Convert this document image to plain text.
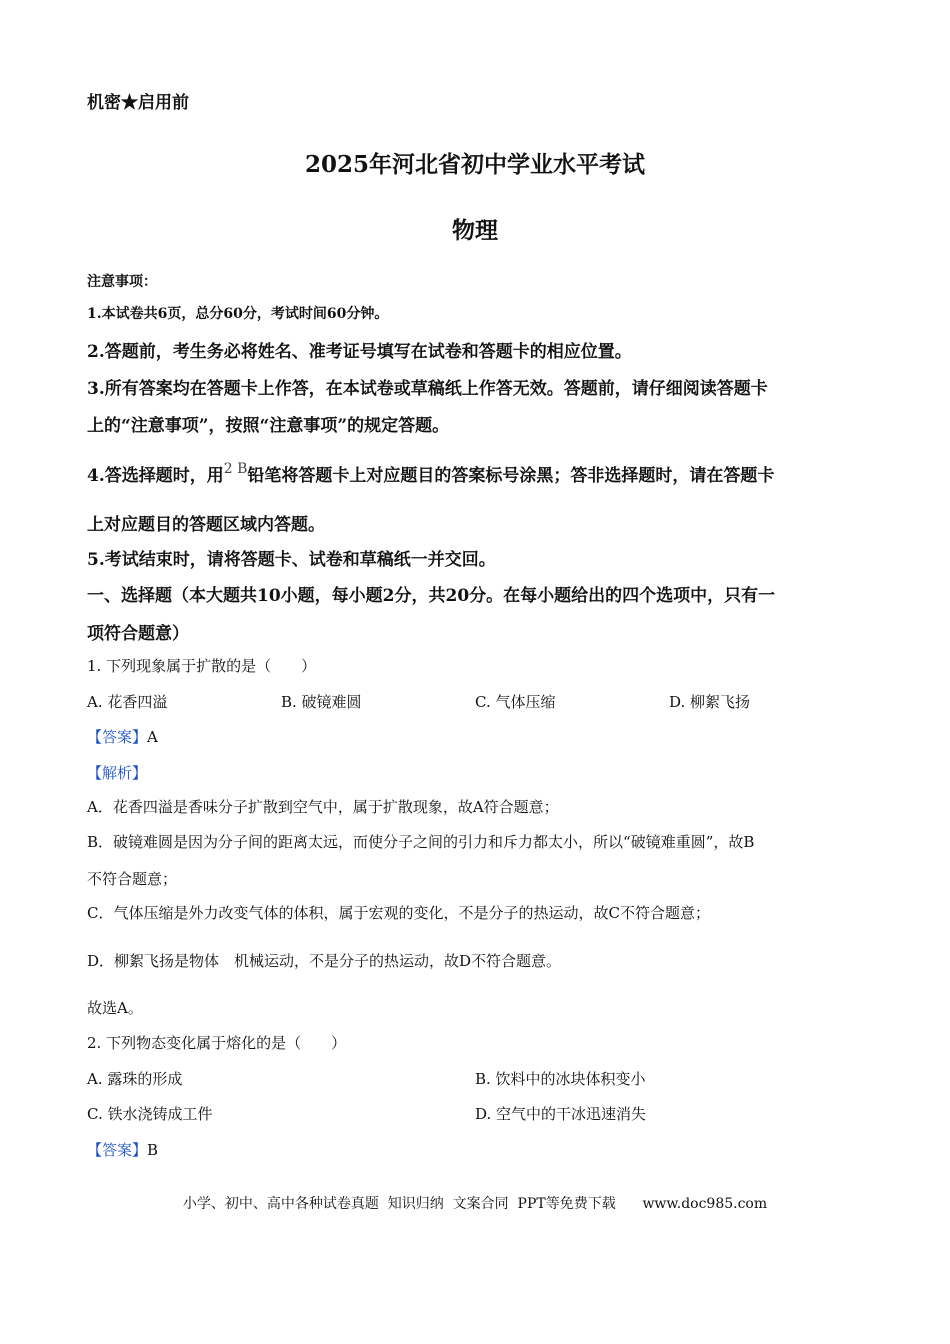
机密★启用前
2025年河北省初中学业水平考试
物理
注意事项：
1.本试卷共6页，总分60分，考试时间60分钟。
2.答题前，考生务必将姓名、准考证号填写在试卷和答题卡的相应位置。
3.所有答案均在答题卡上作答，在本试卷或草稿纸上作答无效。答题前，请仔细阅读答题卡
上的“注意事项”，按照“注意事项”的规定答题。
4.答选择题时，用$^{2 B}$铅笔将答题卡上对应题目的答案标号涂黑；答非选择题时，请在答题卡
上对应题目的答题区域内答题。
5.考试结束时，请将答题卡、试卷和草稿纸一并交回。
一、选择题（本大题共10小题，每小题2分，共20分。在每小题给出的四个选项中，只有一
项符合题意）
1. 下列现象属于扩散的是（　　）
A. 花香四溢	B. 破镜难圆	C. 气体压缩	D. 柳絮飞扬
【答案】A
【解析】
A．花香四溢是香味分子扩散到空气中，属于扩散现象，故A符合题意；
B．破镜难圆是因为分子间的距离太远，而使分子之间的引力和斥力都太小，所以“破镜难重圆”，故B
不符合题意；
C．气体压缩是外力改变气体的体积，属于宏观的变化，不是分子的热运动，故C不符合题意；
D．柳絮飞扬是物体　机械运动，不是分子的热运动，故D不符合题意。
故选A。
2. 下列物态变化属于熔化的是（　　）
A. 露珠的形成	B. 饮料中的冰块体积变小
C. 铁水浇铸成工件	D. 空气中的干冰迅速消失
【答案】B
小学、初中、高中各种试卷真题  知识归纳  文案合同  PPT等免费下载 www.doc985.com
